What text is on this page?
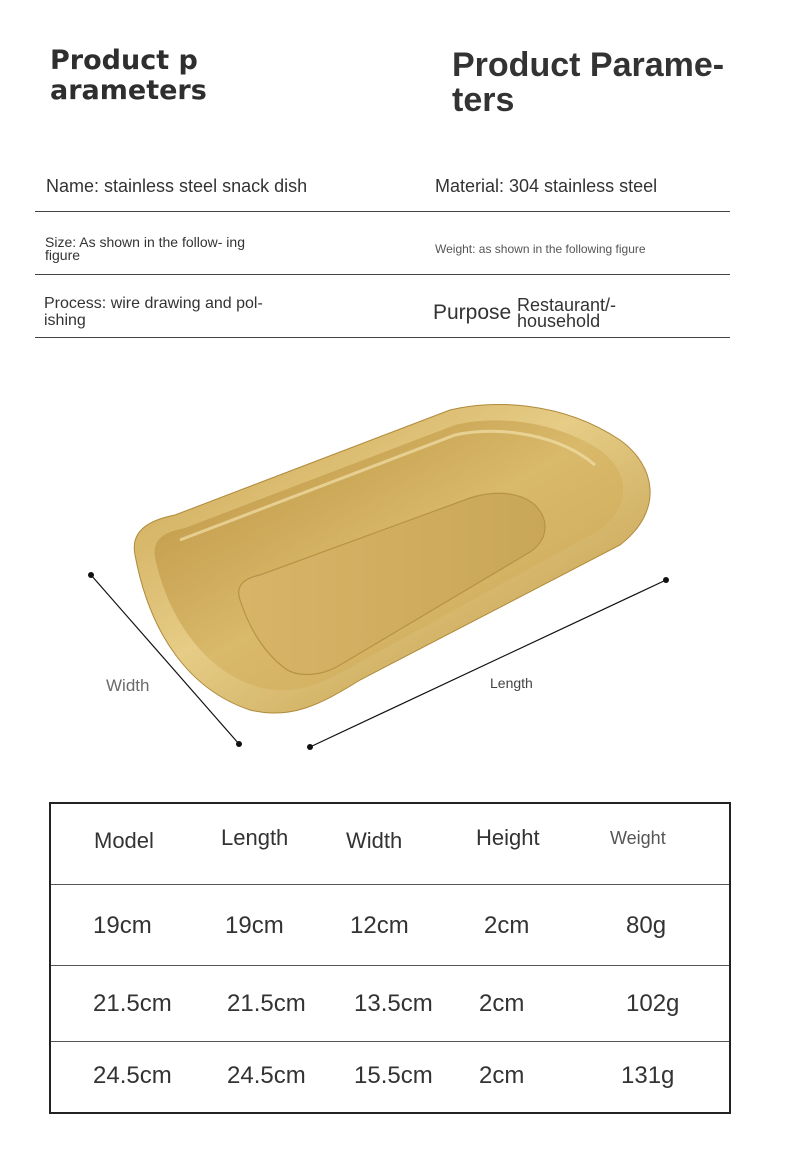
Product p arameters
Product Parame- ters
Name: stainless steel snack dish	Material: 304 stainless steel
Size: As shown in the follow- ing figure	Weight: as shown in the following figure
Process: wire drawing and pol- ishing	Purpose Restaurant/- household
Width	Length
Model	Length	Width	Height	Weight
19cm	19cm	12cm	2cm	80g
21.5cm 21.5cm 13.5cm 2cm	102g
24.5cm 24.5cm 15.5cm 2cm	131g
